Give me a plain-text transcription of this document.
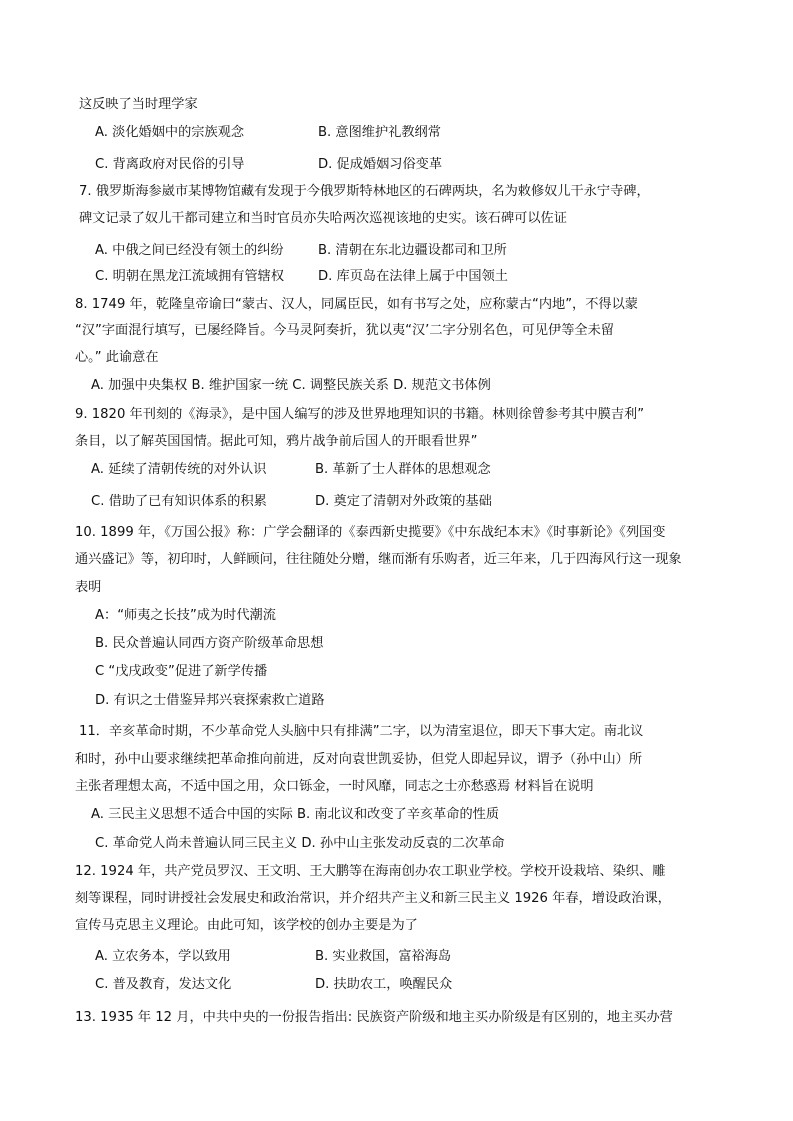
这反映了当时理学家
A. 淡化婚姻中的宗族观念	B. 意图维护礼教纲常
C. 背离政府对民俗的引导	D. 促成婚姻习俗变革
7. 俄罗斯海参崴市某博物馆藏有发现于今俄罗斯特林地区的石碑两块，名为敕修奴儿干永宁寺碑，
碑文记录了奴儿干都司建立和当时官员亦失哈两次巡视该地的史实。该石碑可以佐证
A. 中俄之间已经没有领土的纠纷	B. 清朝在东北边疆设都司和卫所
C. 明朝在黑龙江流域拥有管辖权	D. 库页岛在法律上属于中国领土
8. 1749 年，乾隆皇帝谕曰“蒙古、汉人，同属臣民，如有书写之处，应称蒙古“内地”，不得以蒙
“汉”字面混行填写，已屡经降旨。今马灵阿奏折，犹以夷“汉’二字分别名色，可见伊等全未留
心。” 此谕意在
A. 加强中央集权 B. 维护国家一统 C. 调整民族关系 D. 规范文书体例
9. 1820 年刊刻的《海录》，是中国人编写的涉及世界地理知识的书籍。林则徐曾参考其中膜吉利”
条目，以了解英国国情。据此可知，鸦片战争前后国人的开眼看世界”
A. 延续了清朝传统的对外认识	B. 革新了士人群体的思想观念
C. 借助了已有知识体系的积累	D. 奠定了清朝对外政策的基础
10. 1899 年，《万国公报》称：广学会翻译的《泰西新史揽要》《中东战纪本末》《时事新论》《列国变
通兴盛记》等，初印时，人鲜顾问，往往随处分赠，继而渐有乐购者，近三年来，几于四海风行这一现象
表明
A：“师夷之长技”成为时代潮流
B. 民众普遍认同西方资产阶级革命思想
C “戊戌政变”促进了新学传播
D. 有识之士借鉴异邦兴衰探索救亡道路
11．辛亥革命时期，不少革命党人头脑中只有排满”二字，以为清室退位，即天下事大定。南北议
和时，孙中山要求继续把革命推向前进，反对向袁世凯妥协，但党人即起异议，谓予（孙中山）所
主张者理想太高，不适中国之用，众口铄金，一时风靡，同志之士亦愁惑焉 材料旨在说明
A. 三民主义思想不适合中国的实际 B. 南北议和改变了辛亥革命的性质
C. 革命党人尚未普遍认同三民主义 D. 孙中山主张发动反袁的二次革命
12. 1924 年，共产党员罗汉、王文明、王大鹏等在海南创办农工职业学校。学校开设栽培、染织、雕
刻等课程，同时讲授社会发展史和政治常识，并介绍共产主义和新三民主义 1926 年春，增设政治课，
宣传马克思主义理论。由此可知，该学校的创办主要是为了
A. 立农务本，学以致用	B. 实业救国，富裕海岛
C. 普及教育，发达文化	D. 扶助农工，唤醒民众
13. 1935 年 12 月，中共中央的一份报告指出: 民族资产阶级和地主买办阶级是有区别的，地主买办营
